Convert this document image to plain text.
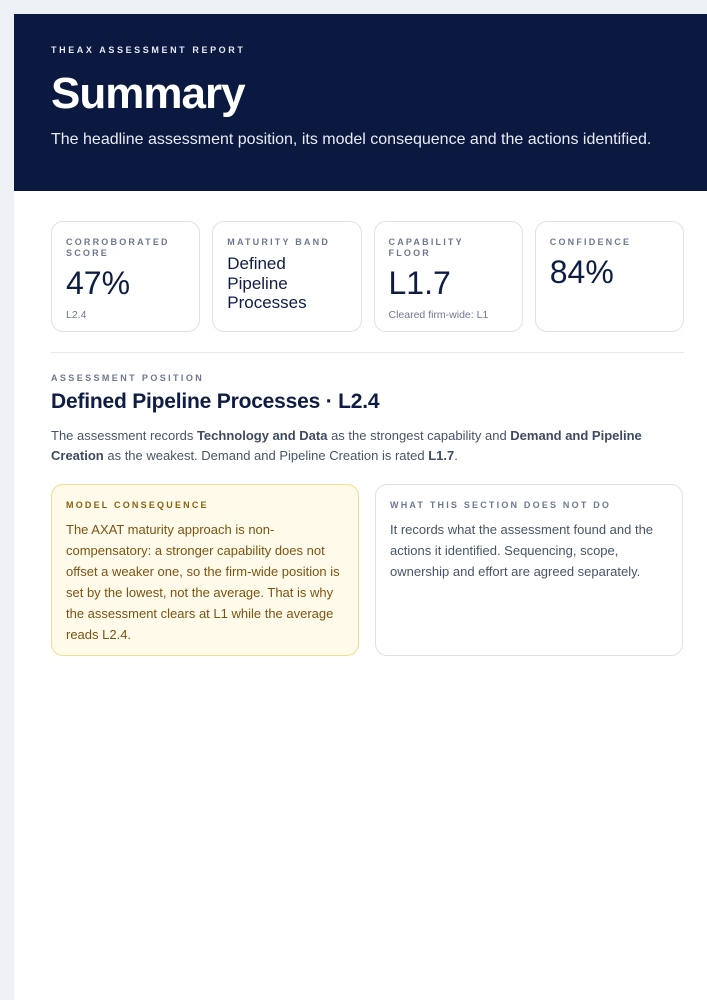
THEAX ASSESSMENT REPORT
Summary

The headline assessment position, its model consequence and the actions identified.

CORROBORATED SCORE
47%
L2.4
MATURITY BAND
Defined Pipeline Processes
CAPABILITY FLOOR
L1.7
Cleared firm-wide: L1
CONFIDENCE
84%
ASSESSMENT POSITION
Defined Pipeline Processes · L2.4

The assessment records Technology and Data as the strongest capability and Demand and Pipeline Creation as the weakest. Demand and Pipeline Creation is rated L1.7.

MODEL CONSEQUENCE

The AXAT maturity approach is non-compensatory: a stronger capability does not offset a weaker one, so the firm-wide position is set by the lowest, not the average. That is why the assessment clears at L1 while the average reads L2.4.

WHAT THIS SECTION DOES NOT DO

It records what the assessment found and the actions it identified. Sequencing, scope, ownership and effort are agreed separately.
